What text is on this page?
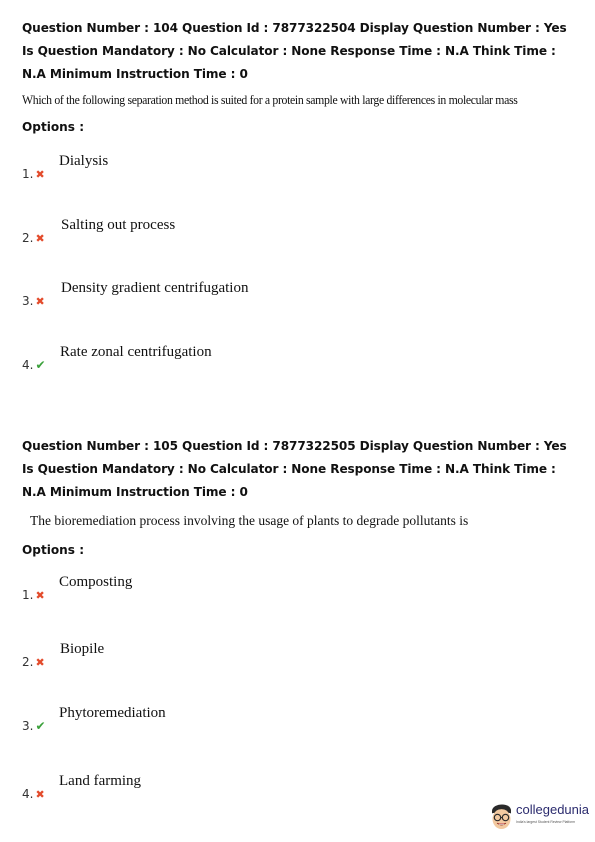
Question Number : 104 Question Id : 7877322504 Display Question Number : Yes Is Question Mandatory : No Calculator : None Response Time : N.A Think Time : N.A Minimum Instruction Time : 0
Which of the following separation method is suited for a protein sample with large differences in molecular mass
Options :
1. ✖
Dialysis
2. ✖
Salting out process
3. ✖
Density gradient centrifugation
4. ✔
Rate zonal centrifugation
Question Number : 105 Question Id : 7877322505 Display Question Number : Yes Is Question Mandatory : No Calculator : None Response Time : N.A Think Time : N.A Minimum Instruction Time : 0
The bioremediation process involving the usage of plants to degrade pollutants is
Options :
1. ✖
Composting
2. ✖
Biopile
3. ✔
Phytoremediation
4. ✖
Land farming
collegedunia
India's largest Student Review Platform
